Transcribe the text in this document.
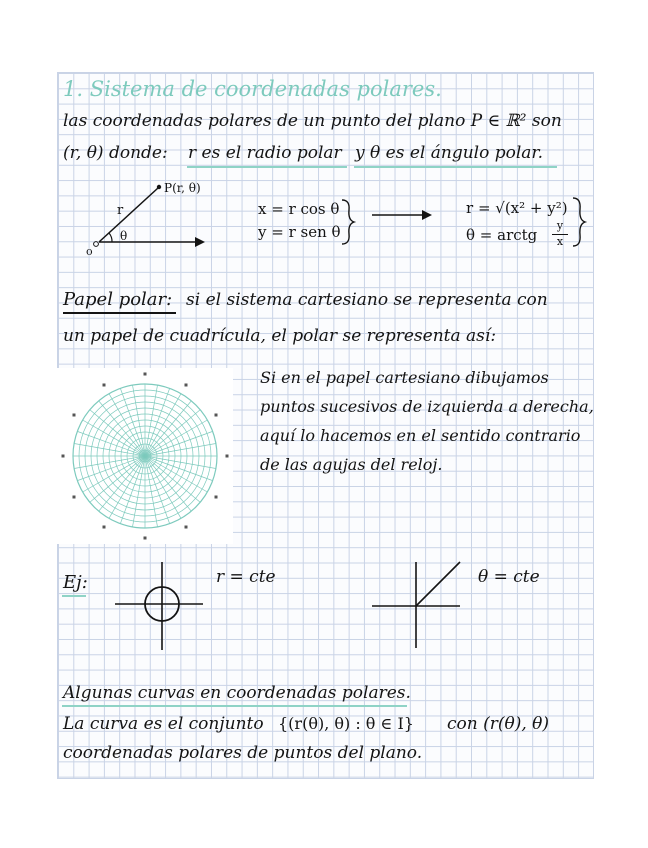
1. Sistema de coordenadas polares.
las coordenadas polares de un punto del plano P ∈ ℝ² son
(r, θ) donde: r es el radio polar y θ es el ángulo polar.
P(r, θ)
r
θ
o
x = r cos θ
y = r sen θ
r = √(x² + y²)
θ = arctg
y
x
Papel polar: si el sistema cartesiano se representa con
un papel de cuadrícula, el polar se representa así:
Si en el papel cartesiano dibujamos
puntos sucesivos de izquierda a derecha,
aquí lo hacemos en el sentido contrario
de las agujas del reloj.
Ej:	r = cte	θ = cte
Algunas curvas en coordenadas polares.
La curva es el conjunto {(r(θ), θ) : θ ∈ I} con (r(θ), θ)
coordenadas polares de puntos del plano.
